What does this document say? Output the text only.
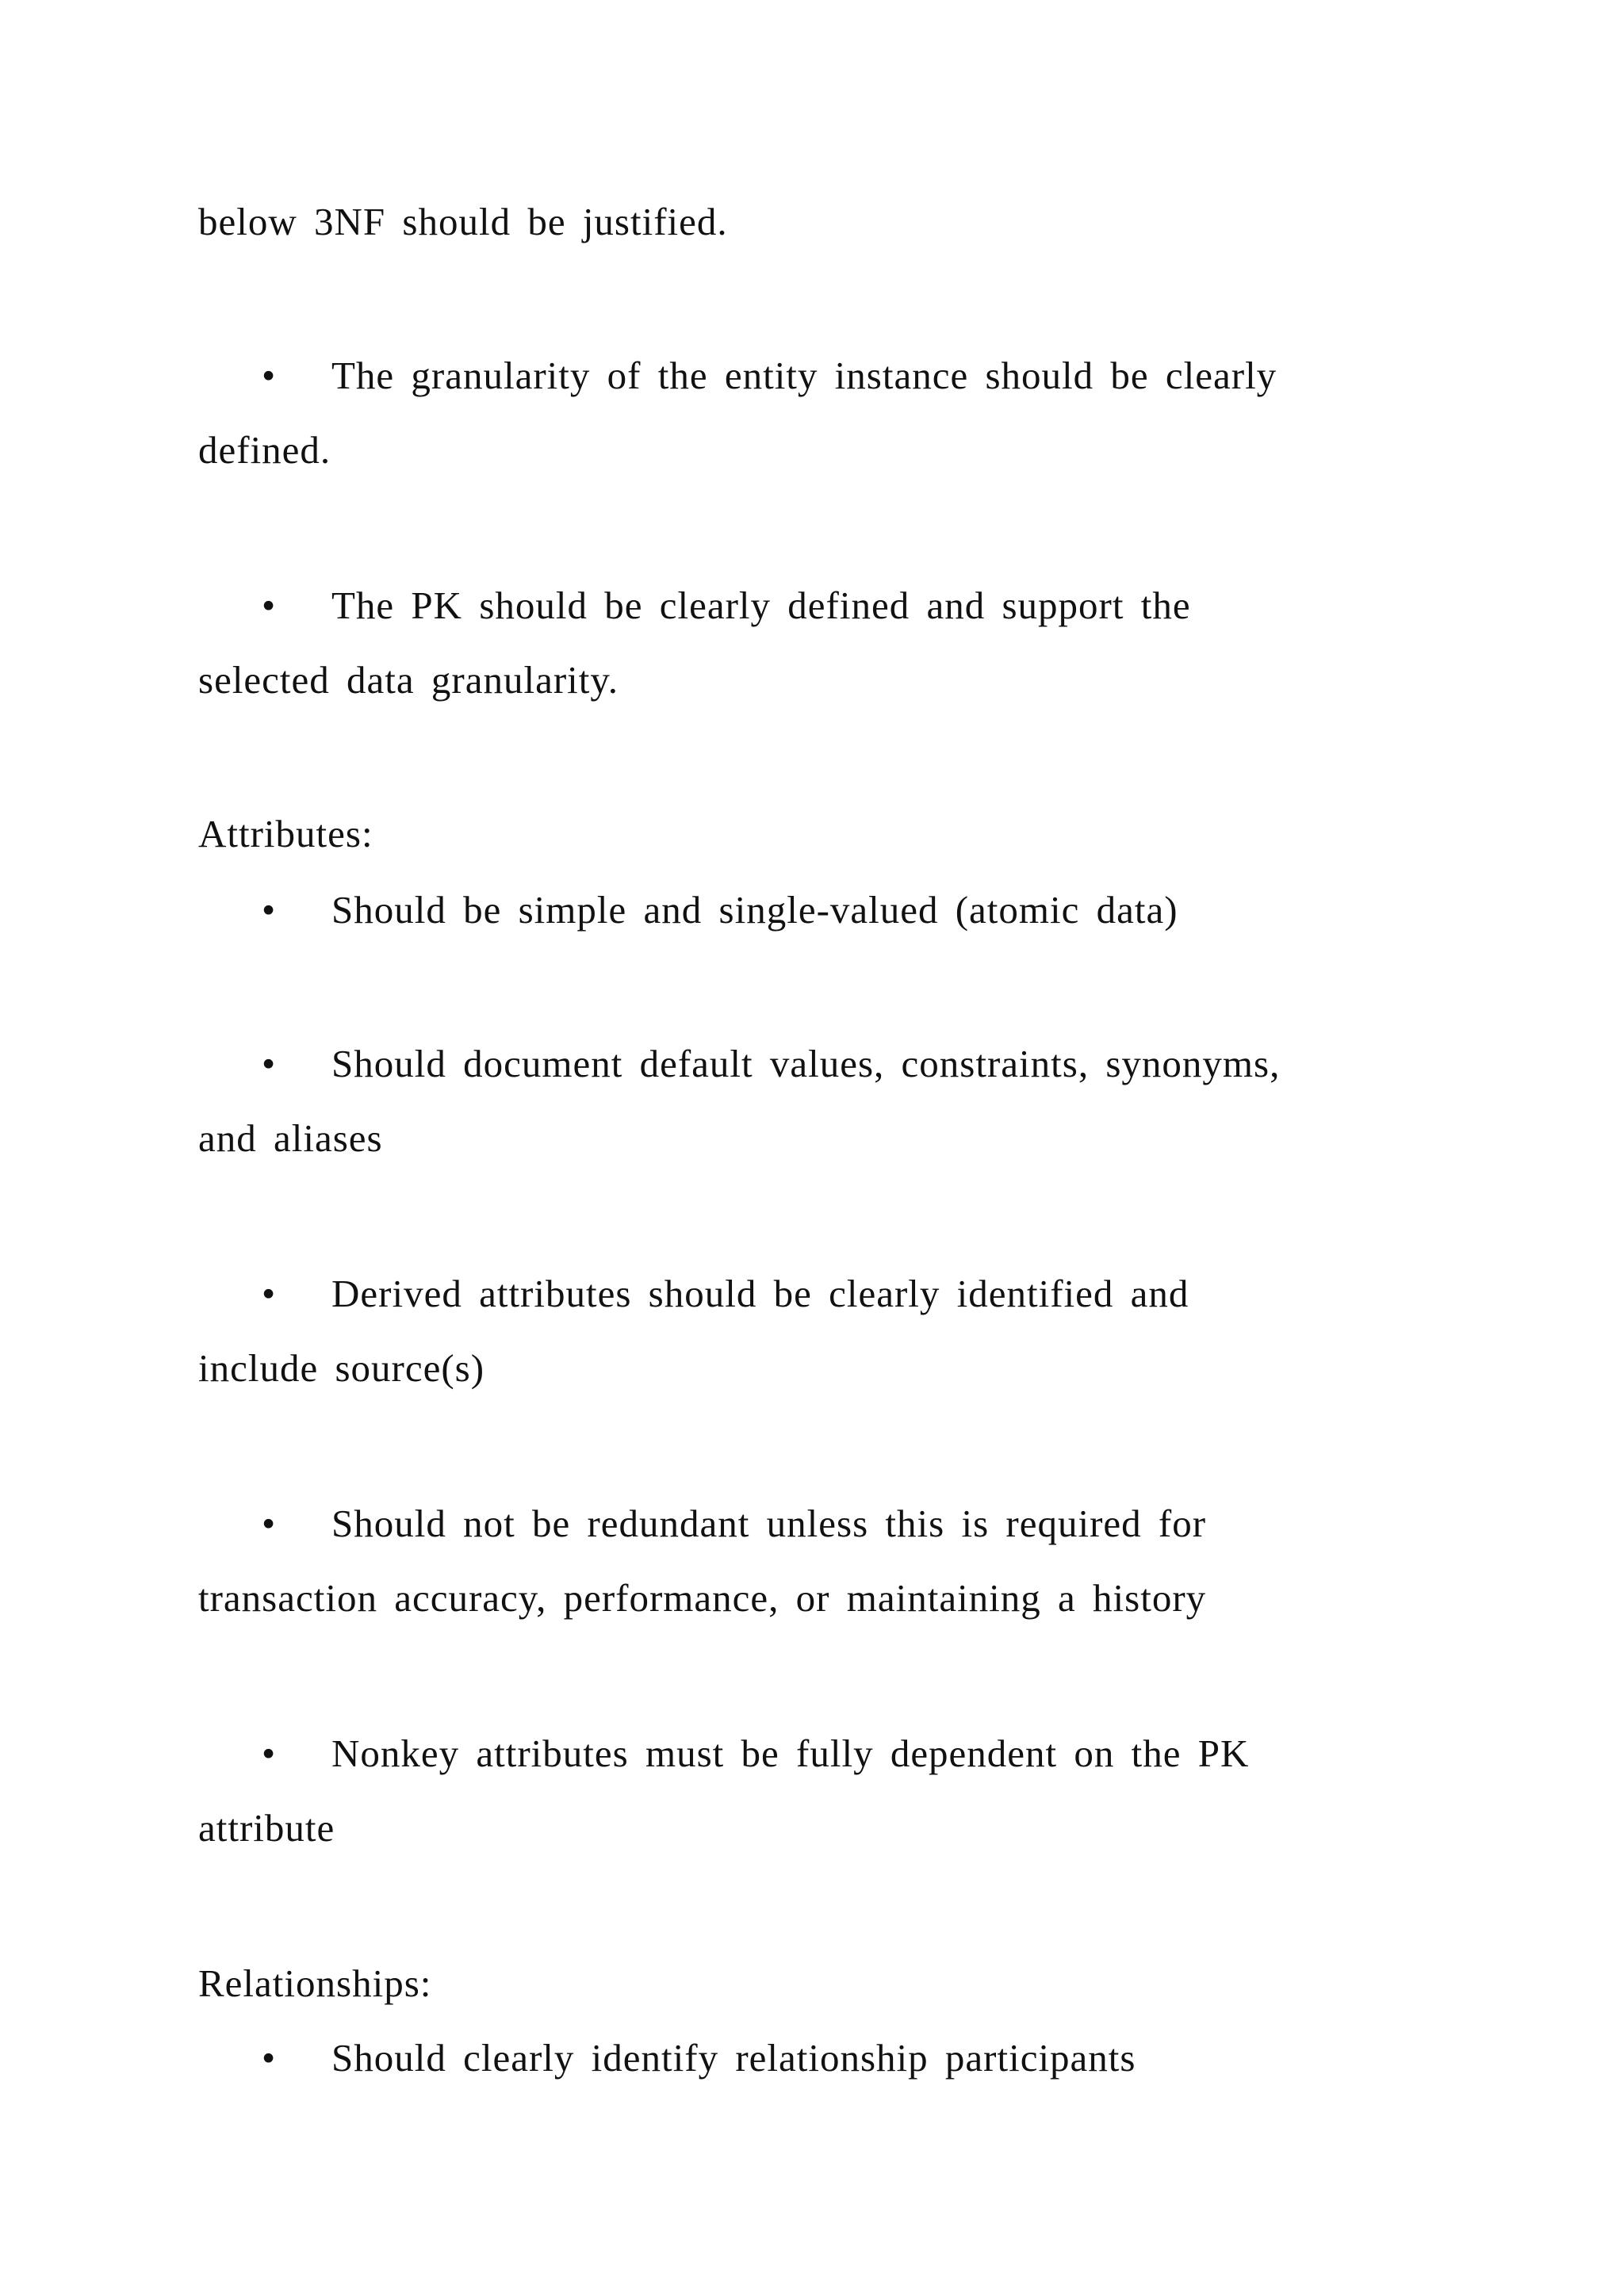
below 3NF should be justified.
• The granularity of the entity instance should be clearly
defined.
• The PK should be clearly defined and support the
selected data granularity.
Attributes:
• Should be simple and single-valued (atomic data)
• Should document default values, constraints, synonyms,
and aliases
• Derived attributes should be clearly identified and
include source(s)
• Should not be redundant unless this is required for
transaction accuracy, performance, or maintaining a history
• Nonkey attributes must be fully dependent on the PK
attribute
Relationships:
• Should clearly identify relationship participants
